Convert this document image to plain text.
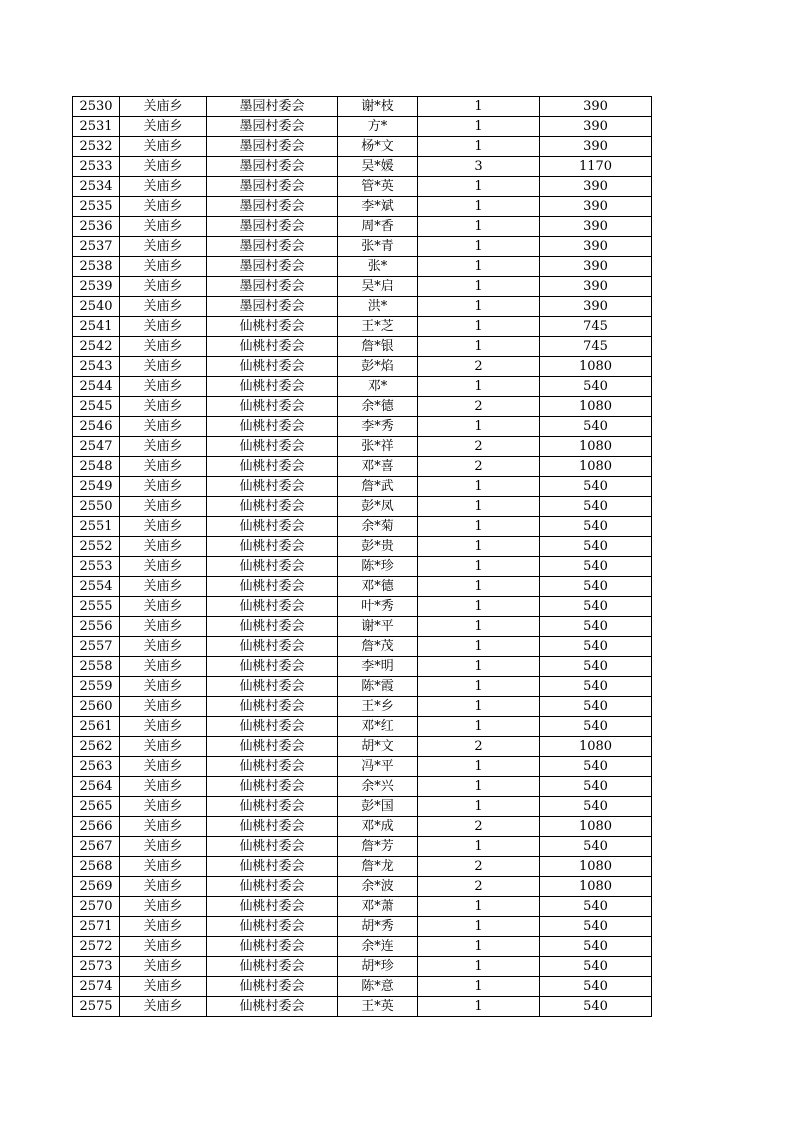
2530	关庙乡	墨园村委会	谢*枝	1	390
2531	关庙乡	墨园村委会	方*	1	390
2532	关庙乡	墨园村委会	杨*文	1	390
2533	关庙乡	墨园村委会	吴*媛	3	1170
2534	关庙乡	墨园村委会	管*英	1	390
2535	关庙乡	墨园村委会	李*斌	1	390
2536	关庙乡	墨园村委会	周*香	1	390
2537	关庙乡	墨园村委会	张*青	1	390
2538	关庙乡	墨园村委会	张*	1	390
2539	关庙乡	墨园村委会	吴*启	1	390
2540	关庙乡	墨园村委会	洪*	1	390
2541	关庙乡	仙桃村委会	王*芝	1	745
2542	关庙乡	仙桃村委会	詹*银	1	745
2543	关庙乡	仙桃村委会	彭*焰	2	1080
2544	关庙乡	仙桃村委会	邓*	1	540
2545	关庙乡	仙桃村委会	余*德	2	1080
2546	关庙乡	仙桃村委会	李*秀	1	540
2547	关庙乡	仙桃村委会	张*祥	2	1080
2548	关庙乡	仙桃村委会	邓*喜	2	1080
2549	关庙乡	仙桃村委会	詹*武	1	540
2550	关庙乡	仙桃村委会	彭*凤	1	540
2551	关庙乡	仙桃村委会	余*菊	1	540
2552	关庙乡	仙桃村委会	彭*贵	1	540
2553	关庙乡	仙桃村委会	陈*珍	1	540
2554	关庙乡	仙桃村委会	邓*德	1	540
2555	关庙乡	仙桃村委会	叶*秀	1	540
2556	关庙乡	仙桃村委会	谢*平	1	540
2557	关庙乡	仙桃村委会	詹*茂	1	540
2558	关庙乡	仙桃村委会	李*明	1	540
2559	关庙乡	仙桃村委会	陈*霞	1	540
2560	关庙乡	仙桃村委会	王*乡	1	540
2561	关庙乡	仙桃村委会	邓*红	1	540
2562	关庙乡	仙桃村委会	胡*文	2	1080
2563	关庙乡	仙桃村委会	冯*平	1	540
2564	关庙乡	仙桃村委会	余*兴	1	540
2565	关庙乡	仙桃村委会	彭*国	1	540
2566	关庙乡	仙桃村委会	邓*成	2	1080
2567	关庙乡	仙桃村委会	詹*芳	1	540
2568	关庙乡	仙桃村委会	詹*龙	2	1080
2569	关庙乡	仙桃村委会	余*波	2	1080
2570	关庙乡	仙桃村委会	邓*萧	1	540
2571	关庙乡	仙桃村委会	胡*秀	1	540
2572	关庙乡	仙桃村委会	余*连	1	540
2573	关庙乡	仙桃村委会	胡*珍	1	540
2574	关庙乡	仙桃村委会	陈*意	1	540
2575	关庙乡	仙桃村委会	王*英	1	540
